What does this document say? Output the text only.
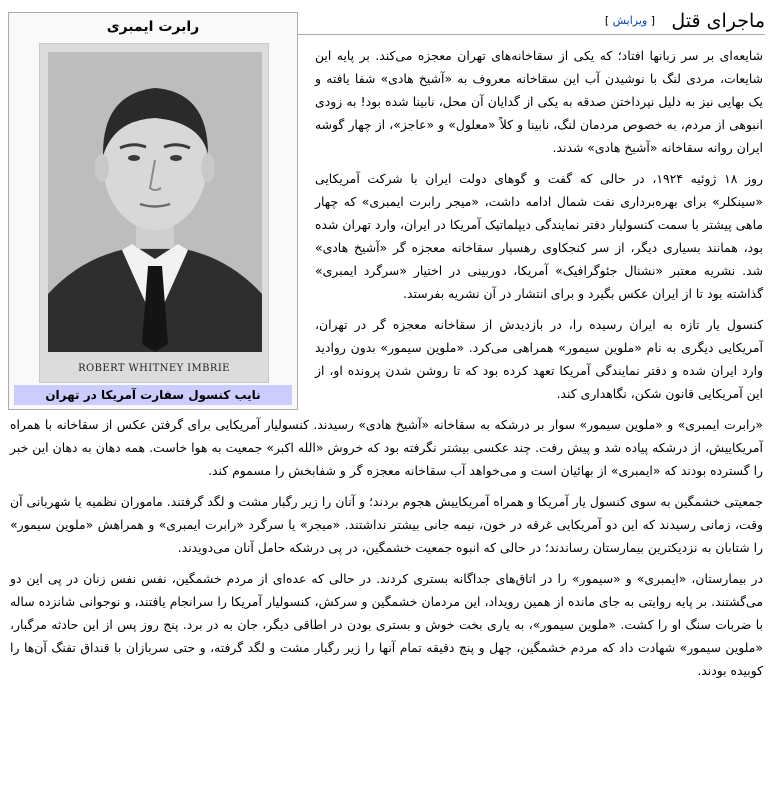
ماجرای قتل
[ ویرایش ]
رابرت ایمبری
ROBERT WHITNEY IMBRIE
نایب کنسول سفارت آمریکا در تهران

شایعه‌ای بر سر زبانها افتاد؛ که یکی از سقاخانه‌های تهران معجزه می‌کند. بر پایه این شایعات، مردی لنگ با نوشیدن آب این سقاخانه معروف به «آشیخ هادی» شفا یافته و یک بهایی نیز به دلیل نپرداختن صدقه به یکی از گدایان آن محل، نابینا شده بود! به زودی انبوهی از مردم، به خصوص مردمان لنگ، نابینا و کلاً «معلول» و «عاجز»، از چهار گوشه ایران روانه سقاخانه «آشیخ هادی» شدند.

روز ۱۸ ژوئیه ۱۹۲۴، در حالی که گفت و گوهای دولت ایران با شرکت آمریکایی «سینکلر» برای بهره‌برداری نفت شمال ادامه داشت، «میجر رابرت ایمبری» که چهار ماهی پیشتر با سمت کنسولیار دفتر نمایندگی دیپلماتیک آمریکا در ایران، وارد تهران شده بود، همانند بسیاری دیگر، از سر کنجکاوی رهسپار سقاخانه معجزه گر «آشیخ هادی» شد. نشریه معتبر «نشنال جئوگرافیک» آمریکا، دوربینی در اختیار «سرگرد ایمبری» گذاشته بود تا از ایران عکس بگیرد و برای انتشار در آن نشریه بفرستد.

کنسول یار تازه به ایران رسیده را، در بازدیدش از سقاخانه معجزه گر در تهران، آمریکایی دیگری به نام «ملوین سیمور» همراهی می‌کرد. «ملوین سیمور» بدون روادید وارد ایران شده و دفتر نمایندگی آمریکا تعهد کرده بود که تا روشن شدن پرونده او، از این آمریکایی قانون شکن، نگاهداری کند.

«رابرت ایمبری» و «ملوین سیمور» سوار بر درشکه به سقاخانه «آشیخ هادی» رسیدند. کنسولیار آمریکایی برای گرفتن عکس از سقاخانه با همراه آمریکاییش، از درشکه پیاده شد و پیش رفت. چند عکسی بیشتر نگرفته بود که خروش «الله اکبر» جمعیت به هوا خاست. همه دهان به دهان این خبر را گسترده بودند که «ایمبری» از بهائیان است و می‌خواهد آب سقاخانه معجزه گر و شفابخش را مسموم کند.

جمعیتی خشمگین به سوی کنسول یار آمریکا و همراه آمریکاییش هجوم بردند؛ و آنان را زیر رگبار مشت و لگد گرفتند. ماموران نظمیه یا شهربانی آن وقت، زمانی رسیدند که این دو آمریکایی غرقه در خون، نیمه جانی بیشتر نداشتند. «میجر» یا سرگرد «رابرت ایمبری» و همراهش «ملوین سیمور» را شتابان به نزدیکترین بیمارستان رساندند؛ در حالی که انبوه جمعیت خشمگین، در پی درشکه حامل آنان می‌دویدند.

در بیمارستان، «ایمبری» و «سیمور» را در اتاق‌های جداگانه بستری کردند. در حالی که عده‌ای از مردم خشمگین، نفس نفس زنان در پی این دو می‌گشتند. بر پایه روایتی به جای مانده از همین رویداد، این مردمان خشمگین و سرکش، کنسولیار آمریکا را سرانجام یافتند، و نوجوانی شانزده ساله با ضربات سنگ او را کشت. «ملوین سیمور»، به یاری بخت خوش و بستری بودن در اطاقی دیگر، جان به در برد. پنج روز پس از این حادثه مرگبار، «ملوین سیمور» شهادت داد که مردم خشمگین، چهل و پنج دقیقه تمام آنها را زیر رگبار مشت و لگد گرفته، و حتی سربازان با قنداق تفنگ آن‌ها را کوبیده بودند.
